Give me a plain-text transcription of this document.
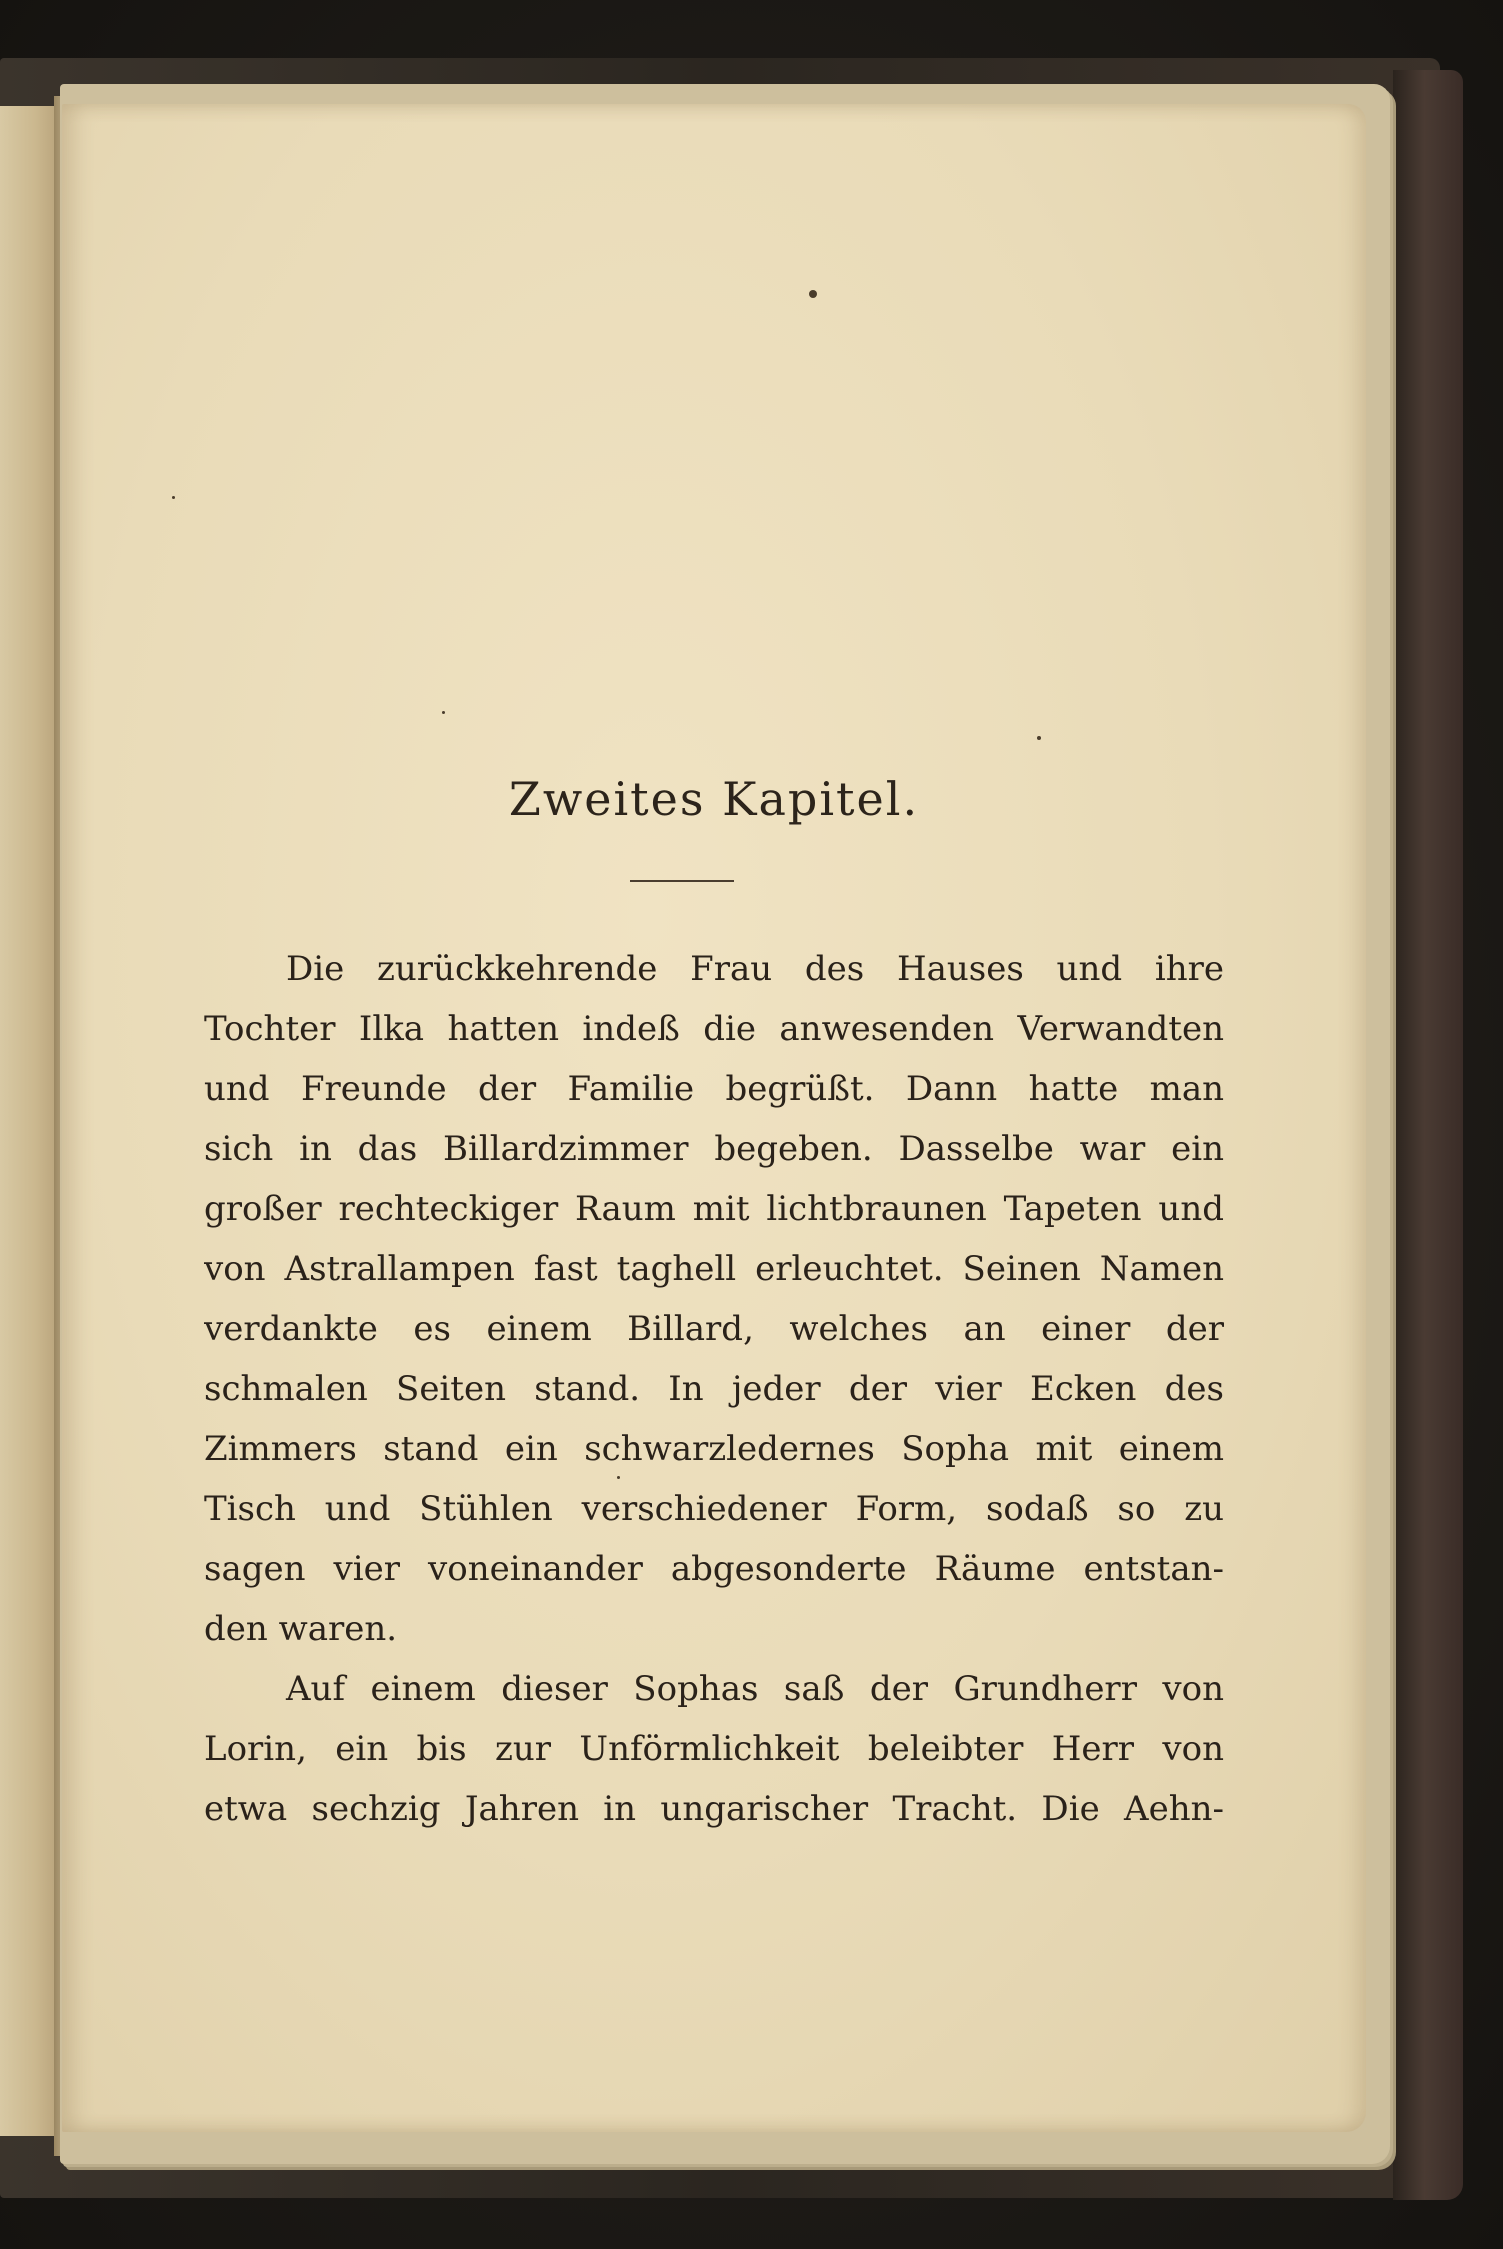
Zweites Kapitel.
Die zurückkehrende Frau des Hauses und ihre
Tochter Ilka hatten indeß die anwesenden Verwandten
und Freunde der Familie begrüßt. Dann hatte man
sich in das Billardzimmer begeben. Dasselbe war ein
großer rechteckiger Raum mit lichtbraunen Tapeten und
von Astrallampen fast taghell erleuchtet. Seinen Namen
verdankte es einem Billard, welches an einer der
schmalen Seiten stand. In jeder der vier Ecken des
Zimmers stand ein schwarzledernes Sopha mit einem
Tisch und Stühlen verschiedener Form, sodaß so zu
sagen vier voneinander abgesonderte Räume entstan-
den waren.
Auf einem dieser Sophas saß der Grundherr von
Lorin, ein bis zur Unförmlichkeit beleibter Herr von
etwa sechzig Jahren in ungarischer Tracht. Die Aehn-
